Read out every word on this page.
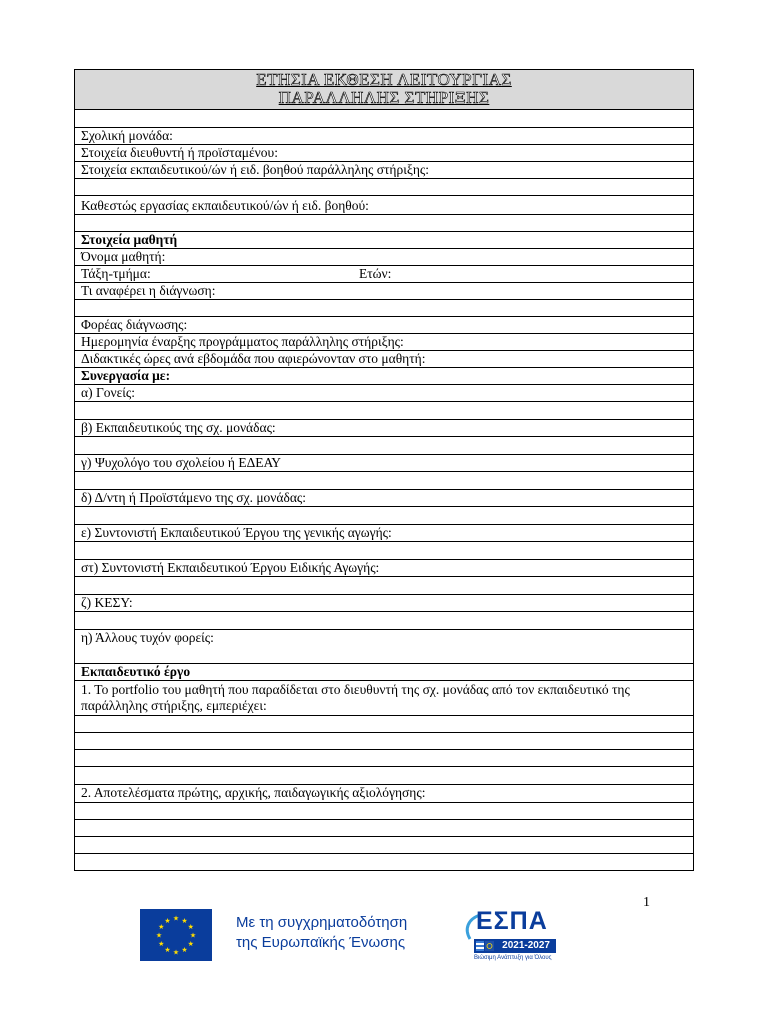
ΕΤΗΣΙΑ ΕΚΘΕΣΗ ΛΕΙΤΟΥΡΓΙΑΣ
ΠΑΡΑΛΛΗΛΗΣ ΣΤΗΡΙΞΗΣ
Σχολική μονάδα:
Στοιχεία διευθυντή ή προϊσταμένου:
Στοιχεία εκπαιδευτικού/ών ή ειδ. βοηθού παράλληλης στήριξης:
Καθεστώς εργασίας εκπαιδευτικού/ών ή ειδ. βοηθού:
Στοιχεία μαθητή
Όνομα μαθητή:
Τάξη-τμήμα:	Ετών:
Τι αναφέρει η διάγνωση:
Φορέας διάγνωσης:
Ημερομηνία έναρξης προγράμματος παράλληλης στήριξης:
Διδακτικές ώρες ανά εβδομάδα που αφιερώνονταν στο μαθητή:
Συνεργασία με:
α) Γονείς:
β) Εκπαιδευτικούς της σχ. μονάδας:
γ) Ψυχολόγο του σχολείου ή ΕΔΕΑΥ
δ) Δ/ντη ή Προϊστάμενο της σχ. μονάδας:
ε) Συντονιστή Εκπαιδευτικού Έργου της γενικής αγωγής:
στ) Συντονιστή Εκπαιδευτικού Έργου Ειδικής Αγωγής:
ζ) ΚΕΣΥ:
η) Άλλους τυχόν φορείς:
Εκπαιδευτικό έργο
1. Το portfolio του μαθητή που παραδίδεται στο διευθυντή της σχ. μονάδας από τον εκπαιδευτικό της παράλληλης στήριξης, εμπεριέχει:
2. Αποτελέσματα πρώτης, αρχικής, παιδαγωγικής αξιολόγησης:
1
★ ★
★
★
★
★
★
★
★
★
★
★	Με τη συγχρηματοδότηση
της Ευρωπαϊκής Ένωσης
ΕΣΠΑ
2021-2027
Βιώσιμη Ανάπτυξη για Όλους
